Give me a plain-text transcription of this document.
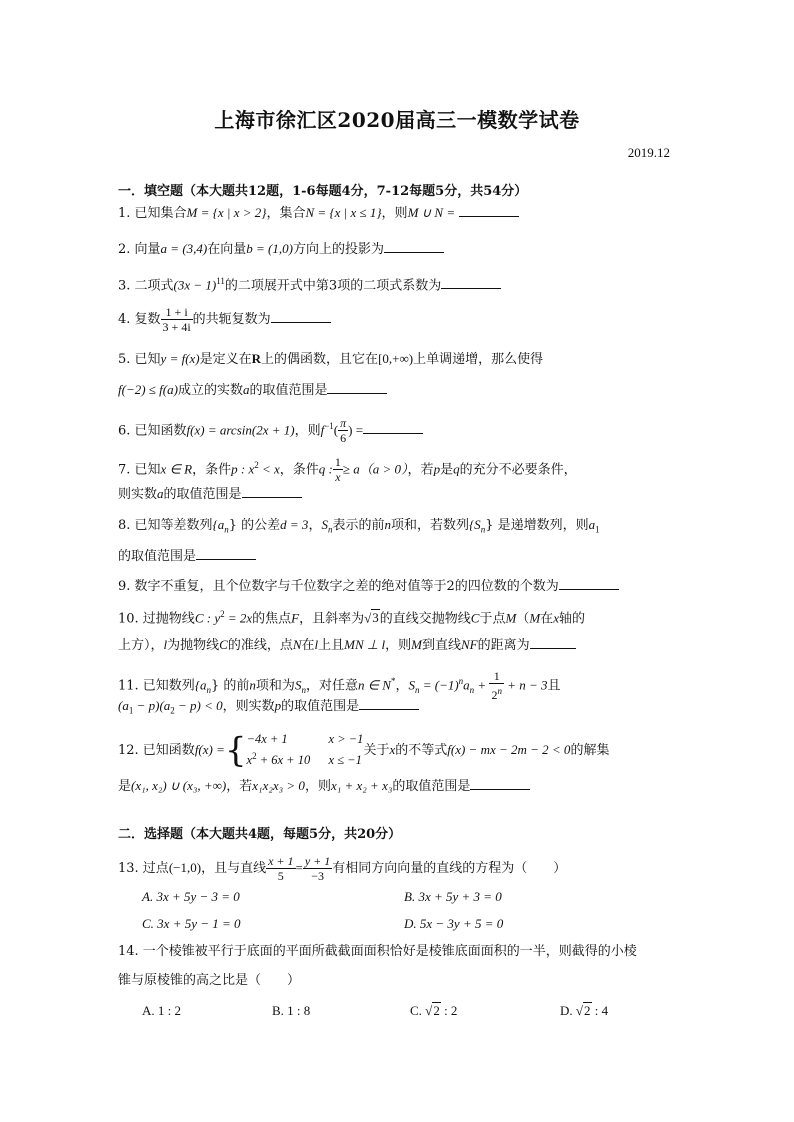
上海市徐汇区2020届高三一模数学试卷
2019.12
一．填空题（本大题共12题，1-6每题4分，7-12每题5分，共54分）
1. 已知集合M = {x | x > 2}，集合N = {x | x ≤ 1}，则M ∪ N =
2. 向量a = (3,4)在向量b = (1,0)方向上的投影为
3. 二项式$(3x - 1)^{11}$的二项展开式中第3项的二项式系数为
4. 复数 $\frac{1 + i}{3 + 4i}$ 的共轭复数为
5. 已知y = f(x)是定义在R上的偶函数，且它在[0,+∞)上单调递增，那么使得
f(−2) ≤ f(a)成立的实数a的取值范围是
6. 已知函数f(x) = arcsin(2x + 1)，则$f^{-1}( \frac{\pi}{6}$ ) =
7. 已知x ∈ R，条件p : $x^2 < x$，条件q : $\frac{1}{x} \ge a(a > 0)$，若p是q的充分不必要条件，
则实数a的取值范围是
8. 已知等差数列$\{a_n\}$ 的公差d = 3，$S_n$表示的前n项和，若数列$\{S_n\}$ 是递增数列，则$a_1$
的取值范围是
9. 数字不重复，且个位数字与千位数字之差的绝对值等于2的四位数的个数为
10. 过抛物线C : $y^2 = 2x$的焦点F，且斜率为√3的直线交抛物线C于点M（M在x轴的
上方），l为抛物线C的准线，点N在l上且MN ⊥ l，则M到直线NF的距离为
11. 已知数列$\{a_n\}$ 的前n项和为$S_n$，对任意n ∈ N*，$S_n = (-1)^na_n + \frac{1}{2^n} + n - 3$且
$(a_1 - p)(a_2 - p) < 0$，则实数p的取值范围是
12. 已知函数f(x) ={ −4x + 1	x > −1
$x^2 + 6x + 10$ x ≤ −1
关于x的不等式f(x) − mx − 2m − 2 < 0的解集
是(x₁, x₂) ∪ (x₃, +∞)，若x₁x₂x₃ > 0，则x₁ + x₂ + x₃的取值范围是
二．选择题（本大题共4题，每题5分，共20分）
13. 过点(−1,0)，且与直线 $\frac{x + 1}{5} = \frac{y + 1}{-3}$ 有相同方向向量的直线的方程为（　　）
A. 3x + 5y − 3 = 0	B. 3x + 5y + 3 = 0
C. 3x + 5y − 1 = 0	D. 5x − 3y + 5 = 0
14. 一个棱锥被平行于底面的平面所截截面面积恰好是棱锥底面面积的一半，则截得的小棱
锥与原棱锥的高之比是（　　）
A. 1 : 2	B. 1 : 8	C. √2 : 2	D. √2 : 4
